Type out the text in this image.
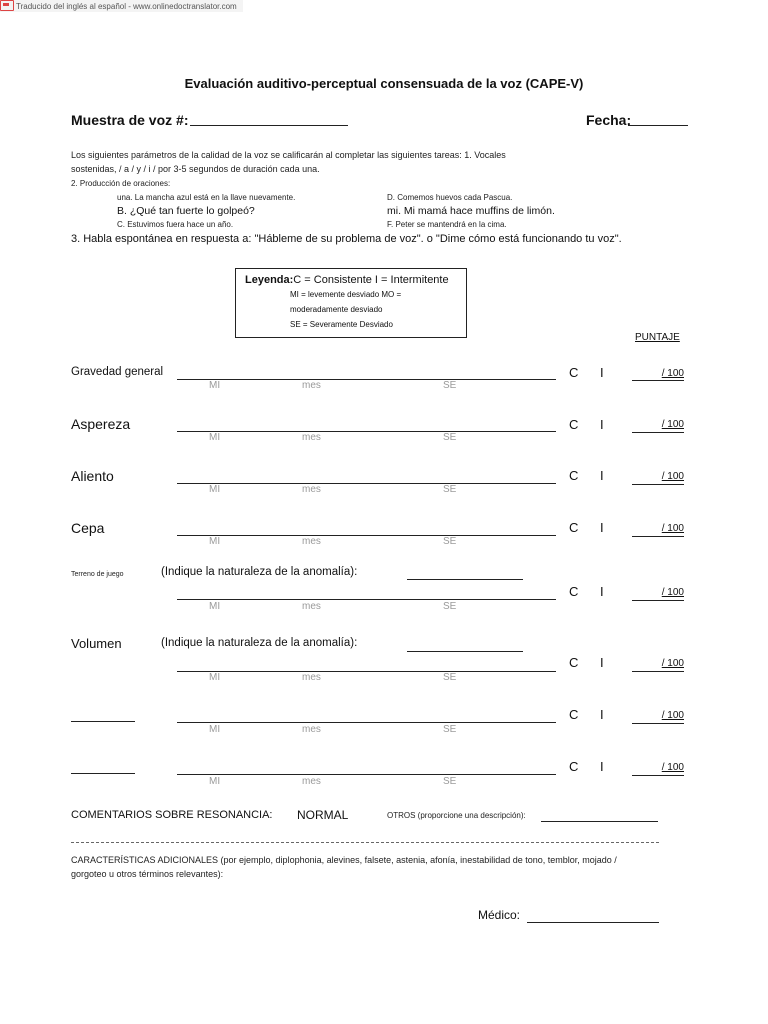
Traducido del inglés al español - www.onlinedoctranslator.com
Evaluación auditivo-perceptual consensuada de la voz (CAPE-V)
Muestra de voz #:	Fecha:
Los siguientes parámetros de la calidad de la voz se calificarán al completar las siguientes tareas: 1. Vocales
sostenidas, / a / y / i / por 3-5 segundos de duración cada una.
2. Producción de oraciones:
una. La mancha azul está en la llave nuevamente.
B. ¿Qué tan fuerte lo golpeó?
C. Estuvimos fuera hace un año.
D. Comemos huevos cada Pascua.
mi. Mi mamá hace muffins de limón.
F. Peter se mantendrá en la cima.
3. Habla espontánea en respuesta a: "Hábleme de su problema de voz". o "Dime cómo está funcionando tu voz".
Leyenda:C = Consistente I = Intermitente
MI = levemente desviado MO =
moderadamente desviado
SE = Severamente Desviado
PUNTAJE
Gravedad general
MI	mes	SE
C I	/ 100
Aspereza
MI	mes	SE
C I	/ 100
Aliento
MI	mes	SE
C I	/ 100
Cepa
MI	mes	SE
C I	/ 100
Terreno de juego	(Indique la naturaleza de la anomalía):
MI	mes	SE
C I	/ 100
Volumen	(Indique la naturaleza de la anomalía):
MI	mes	SE
C I	/ 100
MI	mes	SE
C I	/ 100
MI	mes	SE
C I	/ 100
COMENTARIOS SOBRE RESONANCIA: NORMAL	OTROS (proporcione una descripción):
CARACTERÍSTICAS ADICIONALES (por ejemplo, diplophonia, alevines, falsete, astenia, afonía, inestabilidad de tono, temblor, mojado /
gorgoteo u otros términos relevantes):
Médico:
